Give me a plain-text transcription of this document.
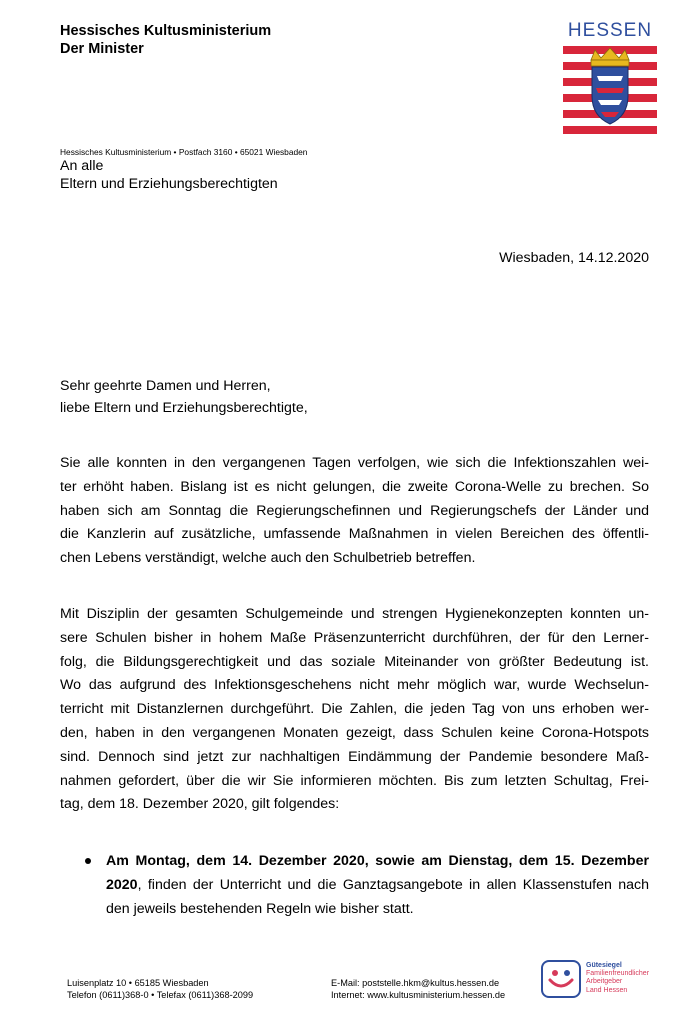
Hessisches Kultusministerium
Der Minister
HESSEN
Hessisches Kultusministerium • Postfach 3160 • 65021 Wiesbaden
An alle
Eltern und Erziehungsberechtigten
Wiesbaden, 14.12.2020
Sehr geehrte Damen und Herren,
liebe Eltern und Erziehungsberechtigte,
Sie alle konnten in den vergangenen Tagen verfolgen, wie sich die Infektionszahlen wei-
ter erhöht haben. Bislang ist es nicht gelungen, die zweite Corona-Welle zu brechen. So
haben sich am Sonntag die Regierungschefinnen und Regierungschefs der Länder und
die Kanzlerin auf zusätzliche, umfassende Maßnahmen in vielen Bereichen des öffentli-
chen Lebens verständigt, welche auch den Schulbetrieb betreffen.
Mit Disziplin der gesamten Schulgemeinde und strengen Hygienekonzepten konnten un-
sere Schulen bisher in hohem Maße Präsenzunterricht durchführen, der für den Lerner-
folg, die Bildungsgerechtigkeit und das soziale Miteinander von größter Bedeutung ist.
Wo das aufgrund des Infektionsgeschehens nicht mehr möglich war, wurde Wechselun-
terricht mit Distanzlernen durchgeführt. Die Zahlen, die jeden Tag von uns erhoben wer-
den, haben in den vergangenen Monaten gezeigt, dass Schulen keine Corona-Hotspots
sind. Dennoch sind jetzt zur nachhaltigen Eindämmung der Pandemie besondere Maß-
nahmen gefordert, über die wir Sie informieren möchten. Bis zum letzten Schultag, Frei-
tag, dem 18. Dezember 2020, gilt folgendes:
Am Montag, dem 14. Dezember 2020, sowie am Dienstag, dem 15. Dezember
2020, finden der Unterricht und die Ganztagsangebote in allen Klassenstufen nach
den jeweils bestehenden Regeln wie bisher statt.
Luisenplatz 10 • 65185 Wiesbaden
Telefon (0611)368-0 • Telefax (0611)368-2099
E-Mail: poststelle.hkm@kultus.hessen.de
Internet: www.kultusministerium.hessen.de
Gütesiegel
Familienfreundlicher
Arbeitgeber
Land Hessen
